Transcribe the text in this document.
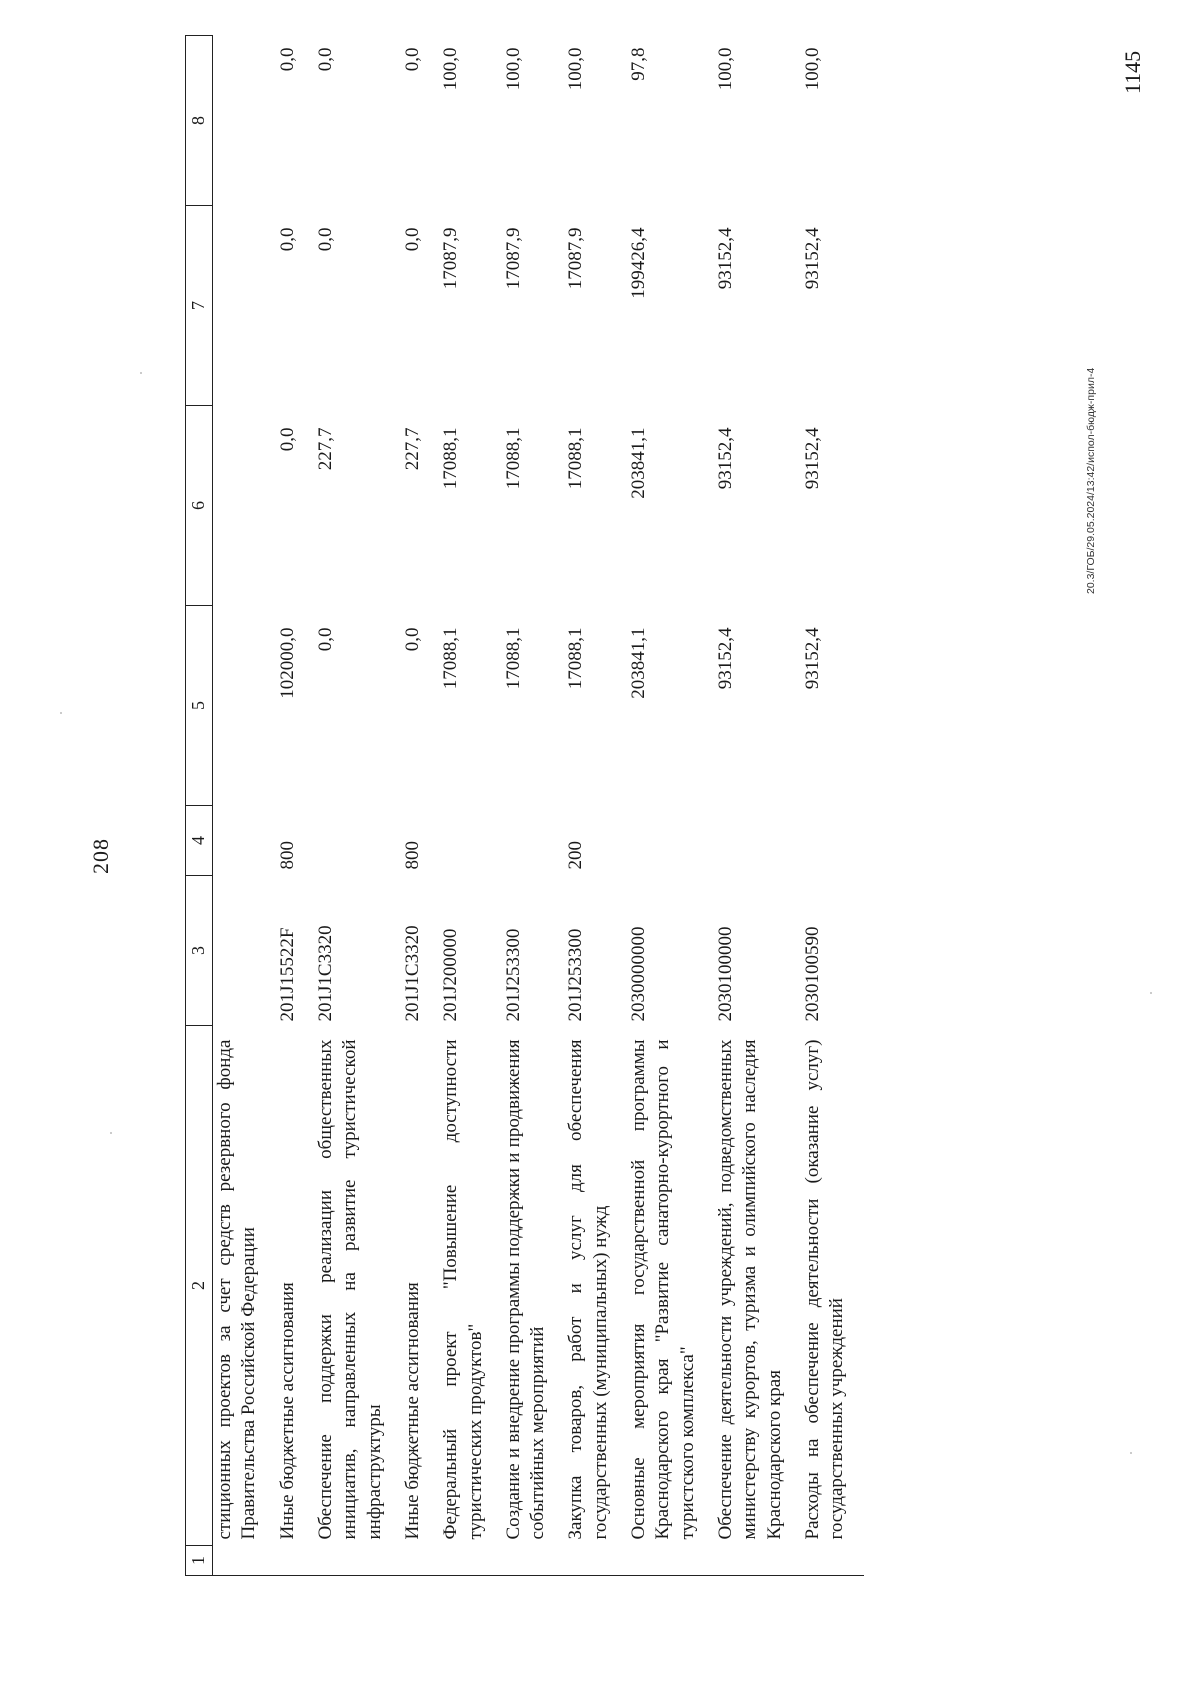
208
1	2	3	4	5	6	7	8
	стиционных проектов за счет средств резервного фонда Правительства Российской Федерации						
	Иные бюджетные ассигнования	201J15522F	800	102000,0	0,0	0,0	0,0
	Обеспечение поддержки реализации общественных инициатив, направленных на развитие туристической инфраструктуры	201J1C3320		0,0	227,7	0,0	0,0
	Иные бюджетные ассигнования	201J1C3320	800	0,0	227,7	0,0	0,0
	Федеральный проект "Повышение доступности туристических продуктов"	201J200000		17088,1	17088,1	17087,9	100,0
	Создание и внедрение программы поддержки и продвижения событийных мероприятий	201J253300		17088,1	17088,1	17087,9	100,0
	Закупка товаров, работ и услуг для обеспечения государственных (муниципальных) нужд	201J253300	200	17088,1	17088,1	17087,9	100,0
	Основные мероприятия государственной программы Краснодарского края "Развитие санаторно-курортного и туристского комплекса"	2030000000		203841,1	203841,1	199426,4	97,8
	Обеспечение деятельности учреждений, подведомственных министерству курортов, туризма и олимпийского наследия Краснодарского края	2030100000		93152,4	93152,4	93152,4	100,0
	Расходы на обеспечение деятельности (оказание услуг) государственных учреждений	2030100590		93152,4	93152,4	93152,4	100,0
20.3/ГОБ/29.05.2024/13:42/испол-бюдж-прил-4
1145
